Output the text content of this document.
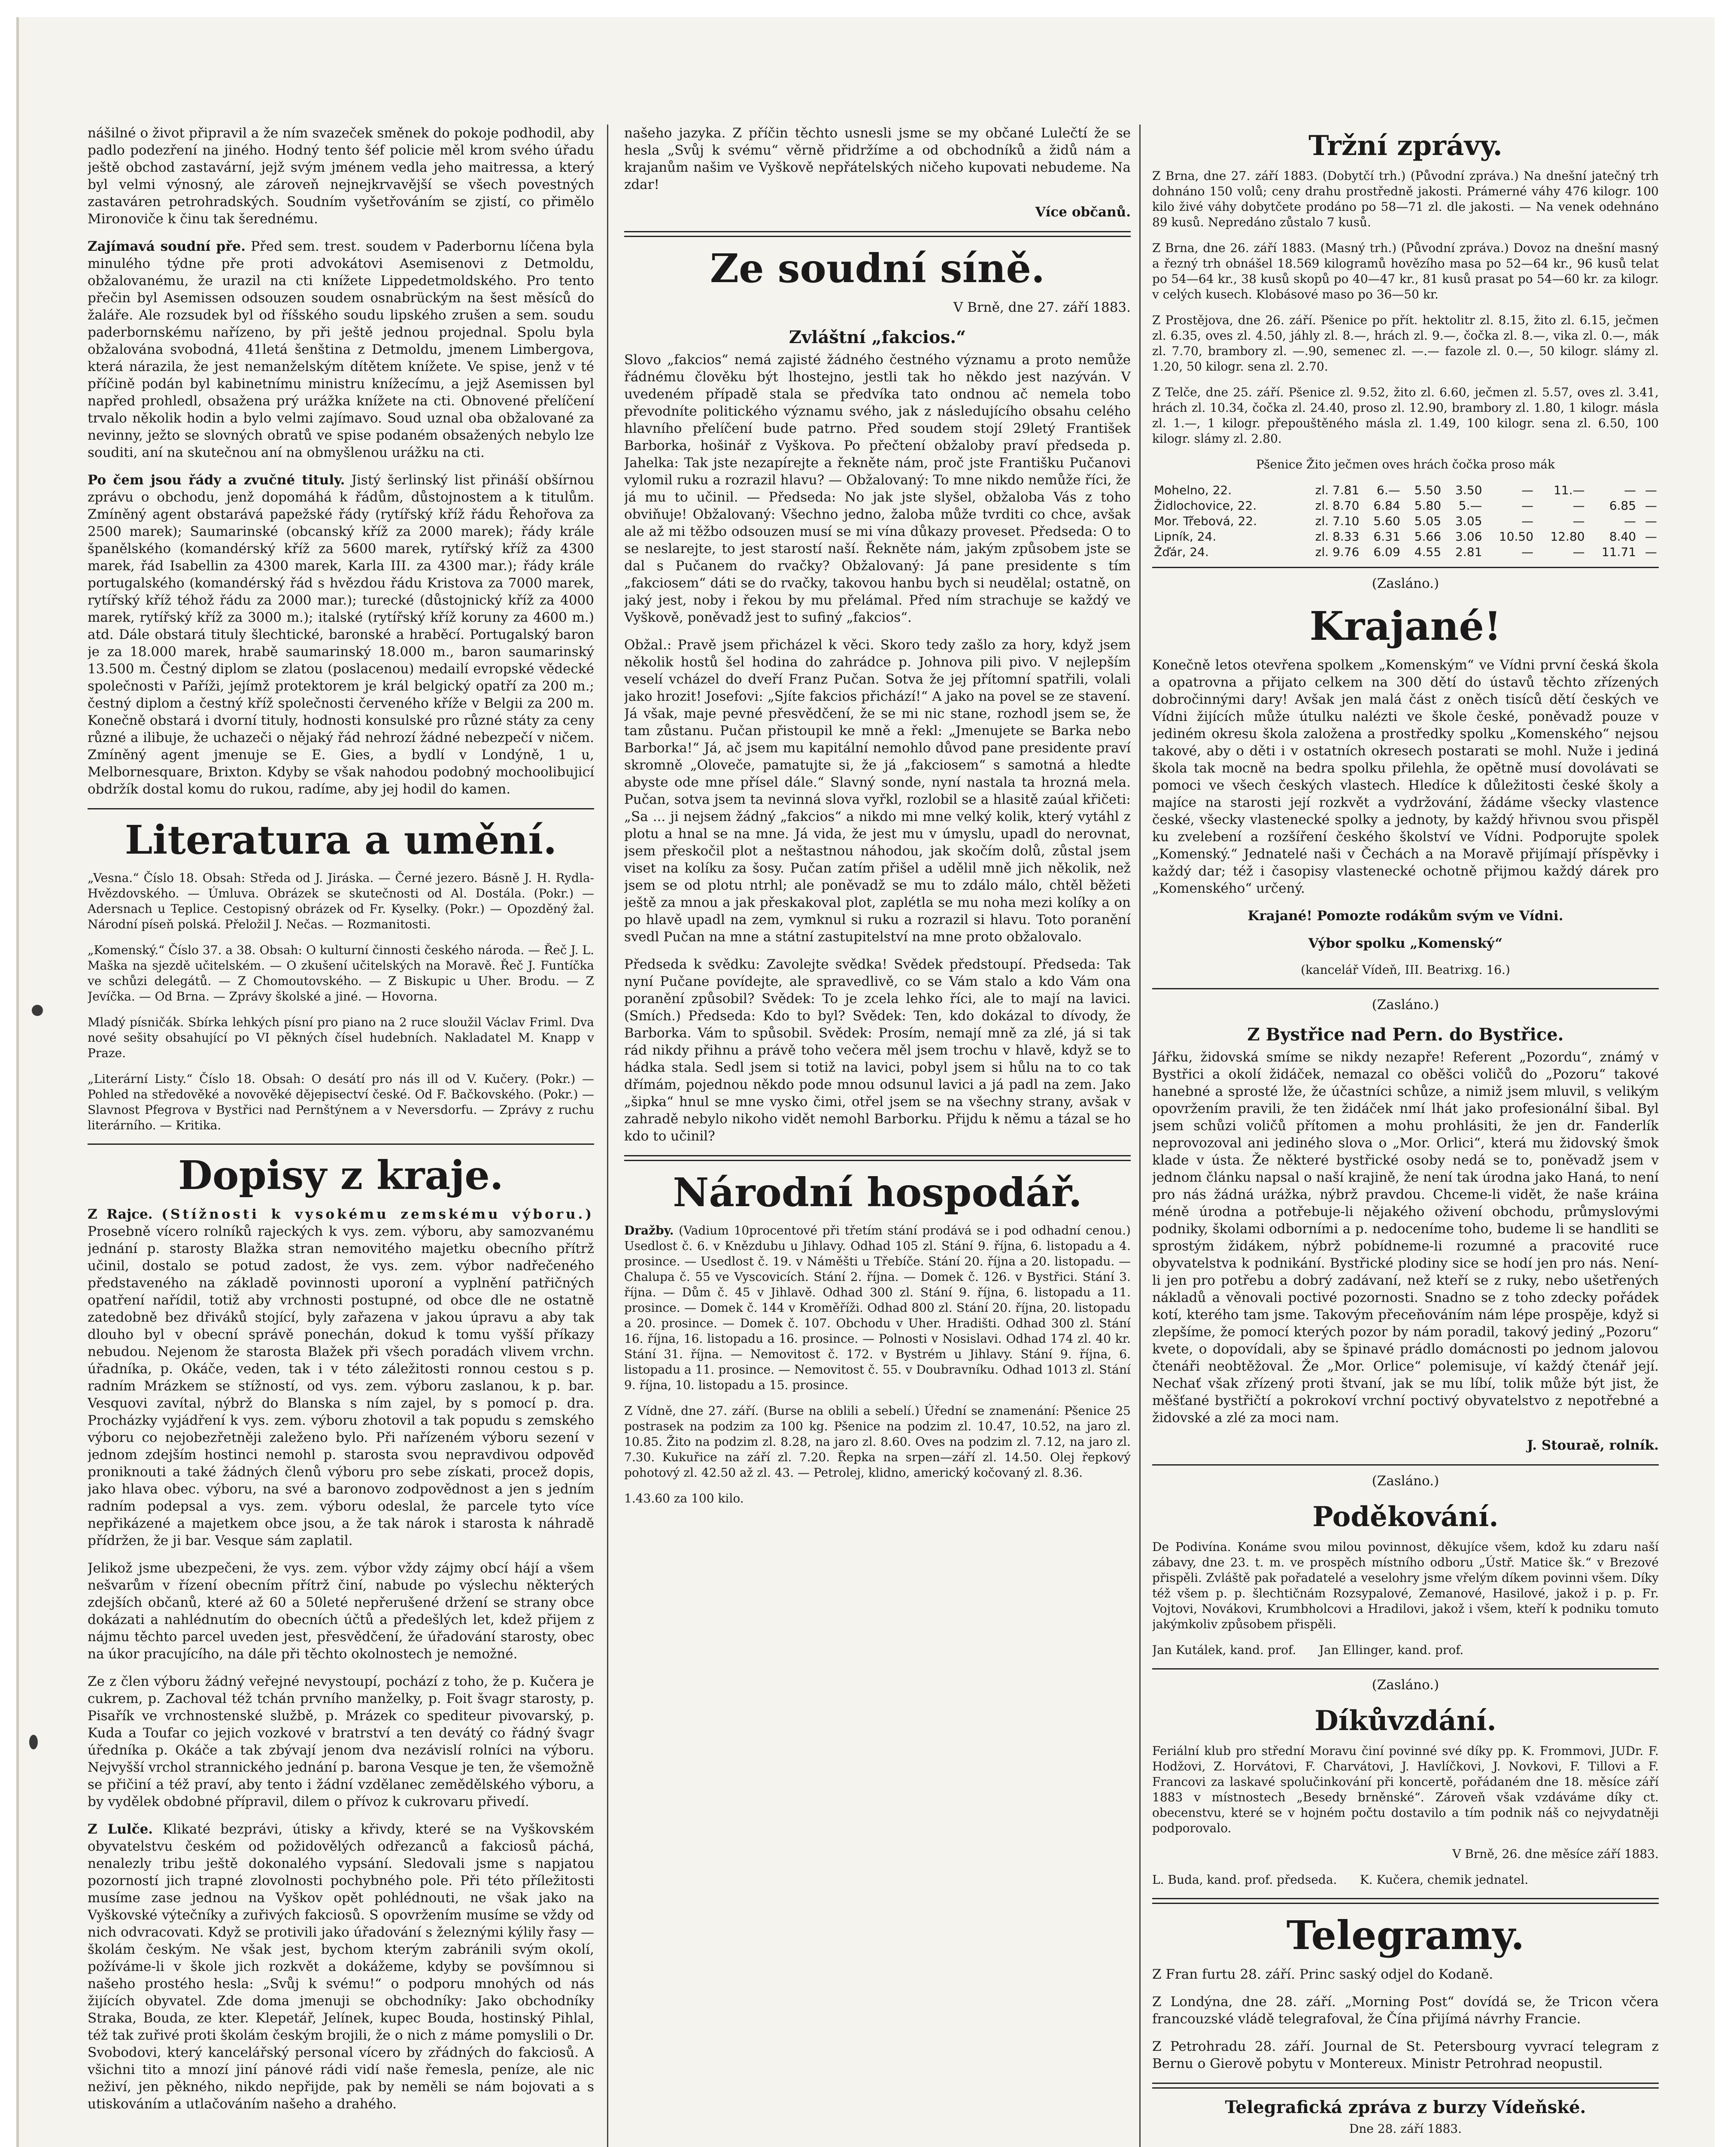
nášilné o život připravil a že ním svazeček směnek do pokoje podhodil, aby padlo podezření na jiného. Hodný tento šéf policie měl krom svého úřadu ještě obchod zastavární, jejž svým jménem vedla jeho maitressa, a který byl velmi výnosný, ale zároveň nejnejkrvavější se všech povestných zastaváren petrohradských. Soudním vyšetřováním se zjistí, co přimělo Mironoviče k činu tak šerednému.

Zajímavá soudní pře. Před sem. trest. soudem v Paderbornu líčena byla minulého týdne pře proti advokátovi Asemisenovi z Detmoldu, obžalovanému, že urazil na cti knížete Lippedetmoldského. Pro tento přečin byl Asemissen odsouzen soudem osnabrückým na šest měsíců do žaláře. Ale rozsudek byl od říšského soudu lipského zrušen a sem. soudu paderbornskému nařízeno, by při ještě jednou projednal. Spolu byla obžalována svobodná, 41letá šenština z Detmoldu, jmenem Limbergova, která nárazila, že jest nemanželským dítětem knížete. Ve spise, jenž v té příčině podán byl kabinetnímu ministru knížecímu, a jejž Asemissen byl napřed prohledl, obsažena prý urážka knížete na cti. Obnovené přelíčení trvalo několik hodin a bylo velmi zajímavo. Soud uznal oba obžalované za nevinny, ježto se slovných obratů ve spise podaném obsažených nebylo lze souditi, aní na skutečnou aní na obmyšlenou urážku na cti.

Po čem jsou řády a zvučné tituly. Jistý šerlinský list přináší obšírnou zprávu o obchodu, jenž dopomáhá k řádům, důstojnostem a k titulům. Zmíněný agent obstarává papežské řády (rytířský kříž řádu Řehořova za 2500 marek); Saumarinské (obcanský kříž za 2000 marek); řády krále španělského (komandérský kříž za 5600 marek, rytířský kříž za 4300 marek, řád Isabellin za 4300 marek, Karla III. za 4300 mar.); řády krále portugalského (komandérský řád s hvězdou řádu Kristova za 7000 marek, rytířský kříž téhož řádu za 2000 mar.); turecké (důstojnický kříž za 4000 marek, rytířský kříž za 3000 m.); italské (rytířský kříž koruny za 4600 m.) atd. Dále obstará tituly šlechtické, baronské a hraběcí. Portugalský baron je za 18.000 marek, hrabě saumarinský 18.000 m., baron saumarinský 13.500 m. Čestný diplom se zlatou (poslacenou) medailí evropské vědecké společnosti v Paříži, jejímž protektorem je král belgický opatří za 200 m.; čestný diplom a čestný kříž společnosti červeného kříže v Belgii za 200 m. Konečně obstará i dvorní tituly, hodnosti konsulské pro různé státy za ceny různé a ilibuje, že uchazeči o nějaký řád nehrozí žádné nebezpečí v ničem. Zmíněný agent jmenuje se E. Gies, a bydlí v Londýně, 1 u, Melbornesquare, Brixton. Kdyby se však nahodou podobný mochoolibujicí obdržík dostal komu do rukou, radíme, aby jej hodil do kamen.

Literatura a umění.

„Vesna.“ Číslo 18. Obsah: Středa od J. Jiráska. — Černé jezero. Básně J. H. Rydla-Hvězdovského. — Úmluva. Obrázek se skutečnosti od Al. Dostála. (Pokr.) — Adersnach u Teplice. Cestopisný obrázek od Fr. Kyselky. (Pokr.) — Opozděný žal. Národní píseň polská. Přeložil J. Nečas. — Rozmanitosti.

„Komenský.“ Číslo 37. a 38. Obsah: O kulturní činnosti českého národa. — Řeč J. L. Maška na sjezdě učitelském. — O zkušení učitelských na Moravě. Řeč J. Funtíčka ve schůzi delegátů. — Z Chomoutovského. — Z Biskupic u Uher. Brodu. — Z Jevíčka. — Od Brna. — Zprávy školské a jiné. — Hovorna.

Mladý písničák. Sbírka lehkých písní pro piano na 2 ruce sloužil Václav Friml. Dva nové sešity obsahující po VI pěkných čísel hudebních. Nakladatel M. Knapp v Praze.

„Literární Listy.“ Číslo 18. Obsah: O desátí pro nás ill od V. Kučery. (Pokr.) — Pohled na středověké a novověké dějepisectví české. Od F. Bačkovského. (Pokr.) — Slavnost Pfegrova v Bystřici nad Pernštýnem a v Neversdorfu. — Zprávy z ruchu literárního. — Kritika.

Dopisy z kraje.

Z Rajce. (Stížnosti k vysokému zemskému výboru.) Prosebně vícero rolníků rajeckých k vys. zem. výboru, aby samozvanému jednání p. starosty Blažka stran nemovitého majetku obecního přítrž učinil, dostalo se potud zadost, že vys. zem. výbor nadřečeného představeného na základě povinnosti uporoní a vyplnění patřičných opatření nařídil, totiž aby vrchnosti postupné, od obce dle ne ostatně zatedobně bez dřiváků stojící, byly zařazena v jakou úpravu a aby tak dlouho byl v obecní správě ponechán, dokud k tomu vyšší příkazy nebudou. Nejenom že starosta Blažek při všech poradách vlivem vrchn. úřadníka, p. Okáče, veden, tak i v této záležitosti ronnou cestou s p. radním Mrázkem se stížností, od vys. zem. výboru zaslanou, k p. bar. Vesquovi zavítal, nýbrž do Blanska s ním zajel, by s pomocí p. dra. Procházky vyjádření k vys. zem. výboru zhotovil a tak popudu s zemského výboru co nejobezřetněji zaleženo bylo. Při nařízeném výboru sezení v jednom zdejším hostinci nemohl p. starosta svou nepravdivou odpověď proniknouti a také žádných členů výboru pro sebe získati, procež dopis, jako hlava obec. výboru, na své a baronovo zodpovědnost a jen s jedním radním podepsal a vys. zem. výboru odeslal, že parcele tyto více nepřikázené a majetkem obce jsou, a že tak nárok i starosta k náhradě přídržen, že ji bar. Vesque sám zaplatil.

Jelikož jsme ubezpečeni, že vys. zem. výbor vždy zájmy obcí hájí a všem nešvarům v řízení obecním přítrž činí, nabude po výslechu některých zdejších občanů, které až 60 a 50leté nepřerušené držení se strany obce dokázati a nahlédnutím do obecních účtů a předešlých let, kdež přijem z nájmu těchto parcel uveden jest, přesvědčení, že úřadování starosty, obec na úkor pracujícího, na dále při těchto okolnostech je nemožné.

Ze z člen výboru žádný veřejné nevystoupí, pochází z toho, že p. Kučera je cukrem, p. Zachoval též tchán prvního manželky, p. Foit švagr starosty, p. Pisařík ve vrchnostenské službě, p. Mrázek co spediteur pivovarský, p. Kuda a Toufar co jejich vozkové v bratrství a ten devátý co řádný švagr úředníka p. Okáče a tak zbývají jenom dva nezávislí rolníci na výboru. Nejvyšší vrchol strannického jednání p. barona Vesque je ten, že všemožně se přičiní a též praví, aby tento i žádní vzdělanec zemědělského výboru, a by vydělek obdobné přípravil, dilem o přívoz k cukrovaru přivedí.

Z Lulče. Klikaté bezprávi, útisky a křivdy, které se na Vyškovském obyvatelstvu českém od požidovělých odřezanců a fakciosů páchá, nenalezly tribu ještě dokonalého vypsání. Sledovali jsme s napjatou pozorností jich trapné zlovolnosti pochybného pole. Při této příležitosti musíme zase jednou na Vyškov opět pohlédnouti, ne však jako na Vyškovské výtečníky a zuřivých fakciosů. S opovržením musíme se vždy od nich odvracovati. Když se protivili jako úřadování s železnými kýlily řasy — školám českým. Ne však jest, bychom kterým zabránili svým okolí, požíváme-li v škole jich rozkvět a dokážeme, kdyby se povšímnou si našeho prostého hesla: „Svůj k svému!“ o podporu mnohých od nás žijících obyvatel. Zde doma jmenuji se obchodníky: Jako obchodníky Straka, Bouda, ze kter. Klepetář, Jelínek, kupec Bouda, hostinský Pihlal, též tak zuřivé proti školám českým brojili, že o nich z máme pomyslili o Dr. Svobodovi, který kancelářský personal vícero by zřádných do fakciosů. A všichni tito a mnozí jiní pánové rádi vidí naše řemesla, peníze, ale nic neživí, jen pěkného, nikdo nepřijde, pak by neměli se nám bojovati a s utiskováním a utlačováním našeho a drahého.

našeho jazyka. Z příčin těchto usnesli jsme se my občané Lulečtí že se hesla „Svůj k svému“ věrně přidržíme a od obchodníků a židů nám a krajanům našim ve Vyškově nepřátelských ničeho kupovati nebudeme. Na zdar!

Více občanů.

Ze soudní síně.

V Brně, dne 27. září 1883.

Zvláštní „fakcios.“

Slovo „fakcios“ nemá zajisté žádného čestného významu a proto nemůže řádnému člověku být lhostejno, jestli tak ho někdo jest nazýván. V uvedeném případě stala se předvíka tato ondnou ač nemela tobo převodníte politického významu svého, jak z následujícího obsahu celého hlavního přelíčení bude patrno. Před soudem stojí 29letý František Barborka, hošinář z Vyškova. Po přečtení obžaloby praví předseda p. Jahelka: Tak jste nezapírejte a řekněte nám, proč jste Františku Pučanovi vylomil ruku a rozrazil hlavu? — Obžalovaný: To mne nikdo nemůže říci, že já mu to učinil. — Předseda: No jak jste slyšel, obžaloba Vás z toho obviňuje! Obžalovaný: Všechno jedno, žaloba může tvrditi co chce, avšak ale až mi těžbo odsouzen musí se mi vína důkazy proveset. Předseda: O to se neslarejte, to jest starostí naší. Řekněte nám, jakým způsobem jste se dal s Pučanem do rvačky? Obžalovaný: Já pane presidente s tím „fakciosem“ dáti se do rvačky, takovou hanbu bych si neudělal; ostatně, on jaký jest, noby i řekou by mu přelámal. Před ním strachuje se každý ve Vyškově, poněvadž jest to sufiný „fakcios“.

Obžal.: Pravě jsem přicházel k věci. Skoro tedy zašlo za hory, když jsem několik hostů šel hodina do zahrádce p. Johnova pili pivo. V nejlepším veselí vcházel do dveří Franz Pučan. Sotva že jej přítomní spatřili, volali jako hrozit! Josefovi: „Sjíte fakcios přichází!“ A jako na povel se ze stavení. Já však, maje pevné přesvědčení, že se mi nic stane, rozhodl jsem se, že tam zůstanu. Pučan přistoupil ke mně a řekl: „Jmenujete se Barka nebo Barborka!“ Já, ač jsem mu kapitální nemohlo důvod pane presidente praví skromně „Oloveče, pamatujte si, že já „fakciosem“ s samotná a hledte abyste ode mne přísel dále.“ Slavný sonde, nyní nastala ta hrozná mela. Pučan, sotva jsem ta nevinná slova vyřkl, rozlobil se a hlasitě zaúal křičeti: „Sa ... ji nejsem žádný „fakcios“ a nikdo mi mne velký kolik, který vytáhl z plotu a hnal se na mne. Já vida, že jest mu v úmyslu, upadl do nerovnat, jsem přeskočil plot a neštastnou náhodou, jak skočím dolů, zůstal jsem viset na kolíku za šosy. Pučan zatím přišel a udělil mně jich několik, než jsem se od plotu ntrhl; ale poněvadž se mu to zdálo málo, chtěl běžeti ještě za mnou a jak přeskakoval plot, zaplétla se mu noha mezi kolíky a on po hlavě upadl na zem, vymknul si ruku a rozrazil si hlavu. Toto poranění svedl Pučan na mne a státní zastupitelství na mne proto obžalovalo.

Předseda k svědku: Zavolejte svědka! Svědek předstoupí. Předseda: Tak nyní Pučane povídejte, ale spravedlivě, co se Vám stalo a kdo Vám ona poranění způsobil? Svědek: To je zcela lehko říci, ale to mají na lavici. (Smích.) Předseda: Kdo to byl? Svědek: Ten, kdo dokázal to dívody, že Barborka. Vám to spůsobil. Svědek: Prosím, nemají mně za zlé, já si tak rád nikdy přihnu a právě toho večera měl jsem trochu v hlavě, když se to hádka stala. Sedl jsem si totiž na lavici, pobyl jsem si hůlu na to co tak dřímám, pojednou někdo pode mnou odsunul lavici a já padl na zem. Jako „šipka“ hnul se mne vysko čimi, otřel jsem se na všechny strany, avšak v zahradě nebylo nikoho vidět nemohl Barborku. Přijdu k němu a tázal se ho kdo to učinil?

Národní hospodář.

Dražby. (Vadium 10procentové při třetím stání prodává se i pod odhadní cenou.) Usedlost č. 6. v Knězdubu u Jihlavy. Odhad 105 zl. Stání 9. října, 6. listopadu a 4. prosince. — Usedlost č. 19. v Náměšti u Třebíče. Stání 20. října a 20. listopadu. — Chalupa č. 55 ve Vyscovicích. Stání 2. října. — Domek č. 126. v Bystřici. Stání 3. října. — Dům č. 45 v Jihlavě. Odhad 300 zl. Stání 9. října, 6. listopadu a 11. prosince. — Domek č. 144 v Kroměříži. Odhad 800 zl. Stání 20. října, 20. listopadu a 20. prosince. — Domek č. 107. Obchodu v Uher. Hradišti. Odhad 300 zl. Stání 16. října, 16. listopadu a 16. prosince. — Polnosti v Nosislavi. Odhad 174 zl. 40 kr. Stání 31. října. — Nemovitost č. 172. v Bystrém u Jihlavy. Stání 9. října, 6. listopadu a 11. prosince. — Nemovitost č. 55. v Doubravníku. Odhad 1013 zl. Stání 9. října, 10. listopadu a 15. prosince.

Z Vídně, dne 27. září. (Burse na oblili a sebelí.) Úřední se znamenání: Pšenice 25 postrasek na podzim za 100 kg. Pšenice na podzim zl. 10.47, 10.52, na jaro zl. 10.85. Žito na podzim zl. 8.28, na jaro zl. 8.60. Oves na podzim zl. 7.12, na jaro zl. 7.30. Kukuřice na září zl. 7.20. Řepka na srpen—září zl. 14.50. Olej řepkový pohotový zl. 42.50 až zl. 43. — Petrolej, klidno, americký kočovaný zl. 8.36.

1.43.60 za 100 kilo.

Tržní zprávy.

Z Brna, dne 27. září 1883. (Dobytčí trh.) (Původní zpráva.) Na dnešní jatečný trh dohnáno 150 volů; ceny drahu prostředně jakosti. Prámerné váhy 476 kilogr. 100 kilo živé váhy dobytčete prodáno po 58—71 zl. dle jakosti. — Na venek odehnáno 89 kusů. Nepredáno zůstalo 7 kusů.

Z Brna, dne 26. září 1883. (Masný trh.) (Původní zpráva.) Dovoz na dnešní masný a řezný trh obnášel 18.569 kilogramů hovězího masa po 52—64 kr., 96 kusů telat po 54—64 kr., 38 kusů skopů po 40—47 kr., 81 kusů prasat po 54—60 kr. za kilogr. v celých kusech. Klobásové maso po 36—50 kr.

Z Prostějova, dne 26. září. Pšenice po přít. hektolitr zl. 8.15, žito zl. 6.15, ječmen zl. 6.35, oves zl. 4.50, jáhly zl. 8.—, hrách zl. 9.—, čočka zl. 8.—, vika zl. 0.—, mák zl. 7.70, brambory zl. —.90, semenec zl. —.— fazole zl. 0.—, 50 kilogr. slámy zl. 1.20, 50 kilogr. sena zl. 2.70.

Z Telče, dne 25. září. Pšenice zl. 9.52, žito zl. 6.60, ječmen zl. 5.57, oves zl. 3.41, hrách zl. 10.34, čočka zl. 24.40, proso zl. 12.90, brambory zl. 1.80, 1 kilogr. másla zl. 1.—, 1 kilogr. přepouštěného másla zl. 1.49, 100 kilogr. sena zl. 6.50, 100 kilogr. slámy zl. 2.80.

Pšenice Žito ječmen oves hrách čočka proso mák

Mohelno, 22.	zl. 7.81	6.—	5.50	3.50	—	11.—	—	—
Židlochovice, 22.	zl. 8.70	6.84	5.80	5.—	—	—	6.85	—
Mor. Třebová, 22.	zl. 7.10	5.60	5.05	3.05	—	—	—	—
Lipník, 24.	zl. 8.33	6.31	5.66	3.06	10.50	12.80	8.40	—
Žďár, 24.	zl. 9.76	6.09	4.55	2.81	—	—	11.71	—

(Zasláno.)

Krajané!

Konečně letos otevřena spolkem „Komenským“ ve Vídni první česká škola a opatrovna a přijato celkem na 300 dětí do ústavů těchto zřízených dobročinnými dary! Avšak jen malá část z oněch tisíců dětí českých ve Vídni žijících může útulku nalézti ve škole české, poněvadž pouze v jediném okresu škola založena a prostředky spolku „Komenského“ nejsou takové, aby o děti i v ostatních okresech postarati se mohl. Nuže i jediná škola tak mocně na bedra spolku přilehla, že opětně musí dovolávati se pomoci ve všech českých vlastech. Hledíce k důležitosti české školy a majíce na starosti její rozkvět a vydržování, žádáme všecky vlastence české, všecky vlastenecké spolky a jednoty, by každý hřivnou svou přispěl ku zvelebení a rozšíření českého školství ve Vídni. Podporujte spolek „Komenský.“ Jednatelé naši v Čechách a na Moravě přijímají příspěvky i každý dar; též i časopisy vlastenecké ochotně přijmou každý dárek pro „Komenského“ určený.

Krajané! Pomozte rodákům svým ve Vídni.

Výbor spolku „Komenský“

(kancelář Vídeň, III. Beatrixg. 16.)

(Zasláno.)

Z Bystřice nad Pern. do Bystřice.

Jářku, židovská smíme se nikdy nezapře! Referent „Pozordu“, známý v Bystřici a okolí židáček, nemazal co oběšci voličů do „Pozoru“ takové hanebné a sprosté lže, že účastníci schůze, a nimiž jsem mluvil, s velikým opovržením pravili, že ten židáček nmí lhát jako profesionální šibal. Byl jsem schůzi voličů přítomen a mohu prohlásiti, že jen dr. Fanderlík neprovozoval ani jediného slova o „Mor. Orlici“, která mu židovský šmok klade v ústa. Že některé bystřické osoby nedá se to, poněvadž jsem v jednom článku napsal o naší krajině, že není tak úrodna jako Haná, to není pro nás žádná urážka, nýbrž pravdou. Chceme-li vidět, že naše kráina méně úrodna a potřebuje-li nějakého oživení obchodu, průmyslovými podniky, školami odborními a p. nedoceníme toho, budeme li se handliti se sprostým židákem, nýbrž pobídneme-li rozumné a pracovité ruce obyvatelstva k podnikání. Bystřické plodiny sice se hodí jen pro nás. Není-li jen pro potřebu a dobrý zadávaní, než kteří se z ruky, nebo ušetřených nákladů a věnovali poctivé pozornosti. Snadno se z toho zdecky pořádek kotí, kterého tam jsme. Takovým přeceňováním nám lépe prospěje, když si zlepšíme, že pomocí kterých pozor by nám poradil, takový jediný „Pozoru“ kvete, o dopovídali, aby se špinavé prádlo domácnosti po jednom jalovou čtenáři neobtěžoval. Že „Mor. Orlice“ polemisuje, ví každý čtenář její. Nechať však zřízený proti štvaní, jak se mu líbí, tolik může být jist, že měšťané bystřičtí a pokrokoví vrchní poctivý obyvatelstvo z nepotřebné a židovské a zlé za moci nam.

J. Stouraě, rolník.

(Zasláno.)

Poděkování.

De Podivína. Konáme svou milou povinnost, děkujíce všem, kdož ku zdaru naší zábavy, dne 23. t. m. ve prospěch místního odboru „Ústř. Matice šk.“ v Brezové přispěli. Zvláště pak pořadatelé a veselohry jsme vřelým díkem povinni všem. Díky též všem p. p. šlechtičnám Rozsypalové, Zemanové, Hasilové, jakož i p. p. Fr. Vojtovi, Novákovi, Krumbholcovi a Hradilovi, jakož i všem, kteří k podniku tomuto jakýmkoliv způsobem přispěli.

Jan Kutálek, kand. prof. Jan Ellinger, kand. prof.

(Zasláno.)

Díkůvzdání.

Feriální klub pro střední Moravu činí povinné své díky pp. K. Frommovi, JUDr. F. Hodžovi, Z. Horvátovi, F. Charvátovi, J. Havlíčkovi, J. Novkovi, F. Tillovi a F. Francovi za laskavé spolučinkování při koncertě, pořádaném dne 18. měsíce září 1883 v místnostech „Besedy brněnské“. Zároveň však vzdáváme díky ct. obecenstvu, které se v hojném počtu dostavilo a tím podnik náš co nejvydatněji podporovalo.

V Brně, 26. dne měsíce září 1883.

L. Buda, kand. prof. předseda. K. Kučera, chemik jednatel.

Telegramy.

Z Fran furtu 28. září. Princ saský odjel do Kodaně.

Z Londýna, dne 28. září. „Morning Post“ dovídá se, že Tricon včera francouzské vládě telegrafoval, že Čína přijímá návrhy Francie.

Z Petrohradu 28. září. Journal de St. Petersbourg vyvrací telegram z Bernu o Gierově pobytu v Montereux. Ministr Petrohrad neopustil.

Telegrafická zpráva z burzy Vídeňské.

Dne 28. září 1883.
